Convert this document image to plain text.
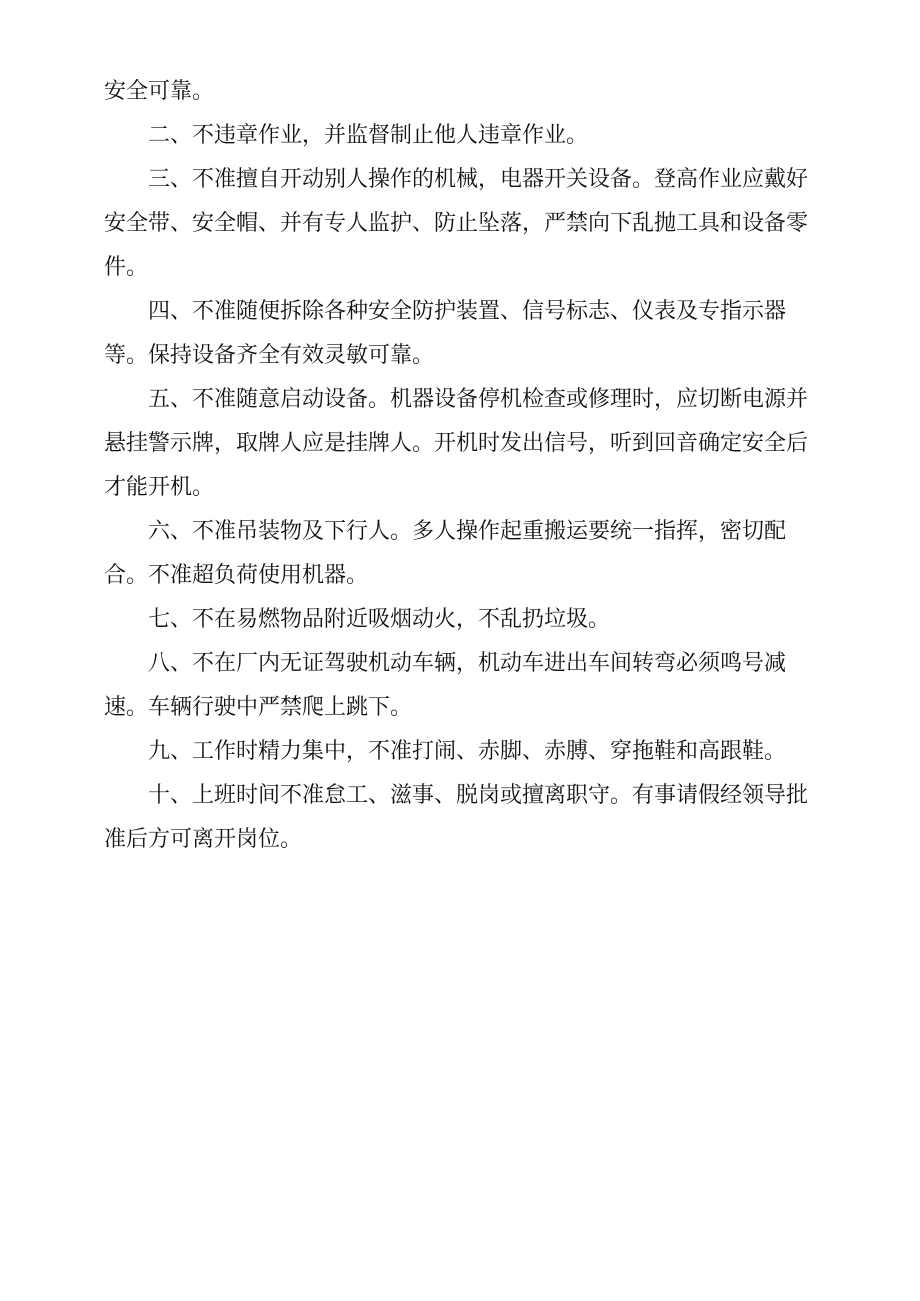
安全可靠。

二、不违章作业，并监督制止他人违章作业。

三、不准擅自开动别人操作的机械，电器开关设备。登高作业应戴好安全带、安全帽、并有专人监护、防止坠落，严禁向下乱抛工具和设备零件。

四、不准随便拆除各种安全防护装置、信号标志、仪表及专指示器等。保持设备齐全有效灵敏可靠。

五、不准随意启动设备。机器设备停机检查或修理时，应切断电源并悬挂警示牌，取牌人应是挂牌人。开机时发出信号，听到回音确定安全后才能开机。

六、不准吊装物及下行人。多人操作起重搬运要统一指挥，密切配合。不准超负荷使用机器。

七、不在易燃物品附近吸烟动火，不乱扔垃圾。

八、不在厂内无证驾驶机动车辆，机动车进出车间转弯必须鸣号减速。车辆行驶中严禁爬上跳下。

九、工作时精力集中，不准打闹、赤脚、赤膊、穿拖鞋和高跟鞋。

十、上班时间不准怠工、滋事、脱岗或擅离职守。有事请假经领导批准后方可离开岗位。
